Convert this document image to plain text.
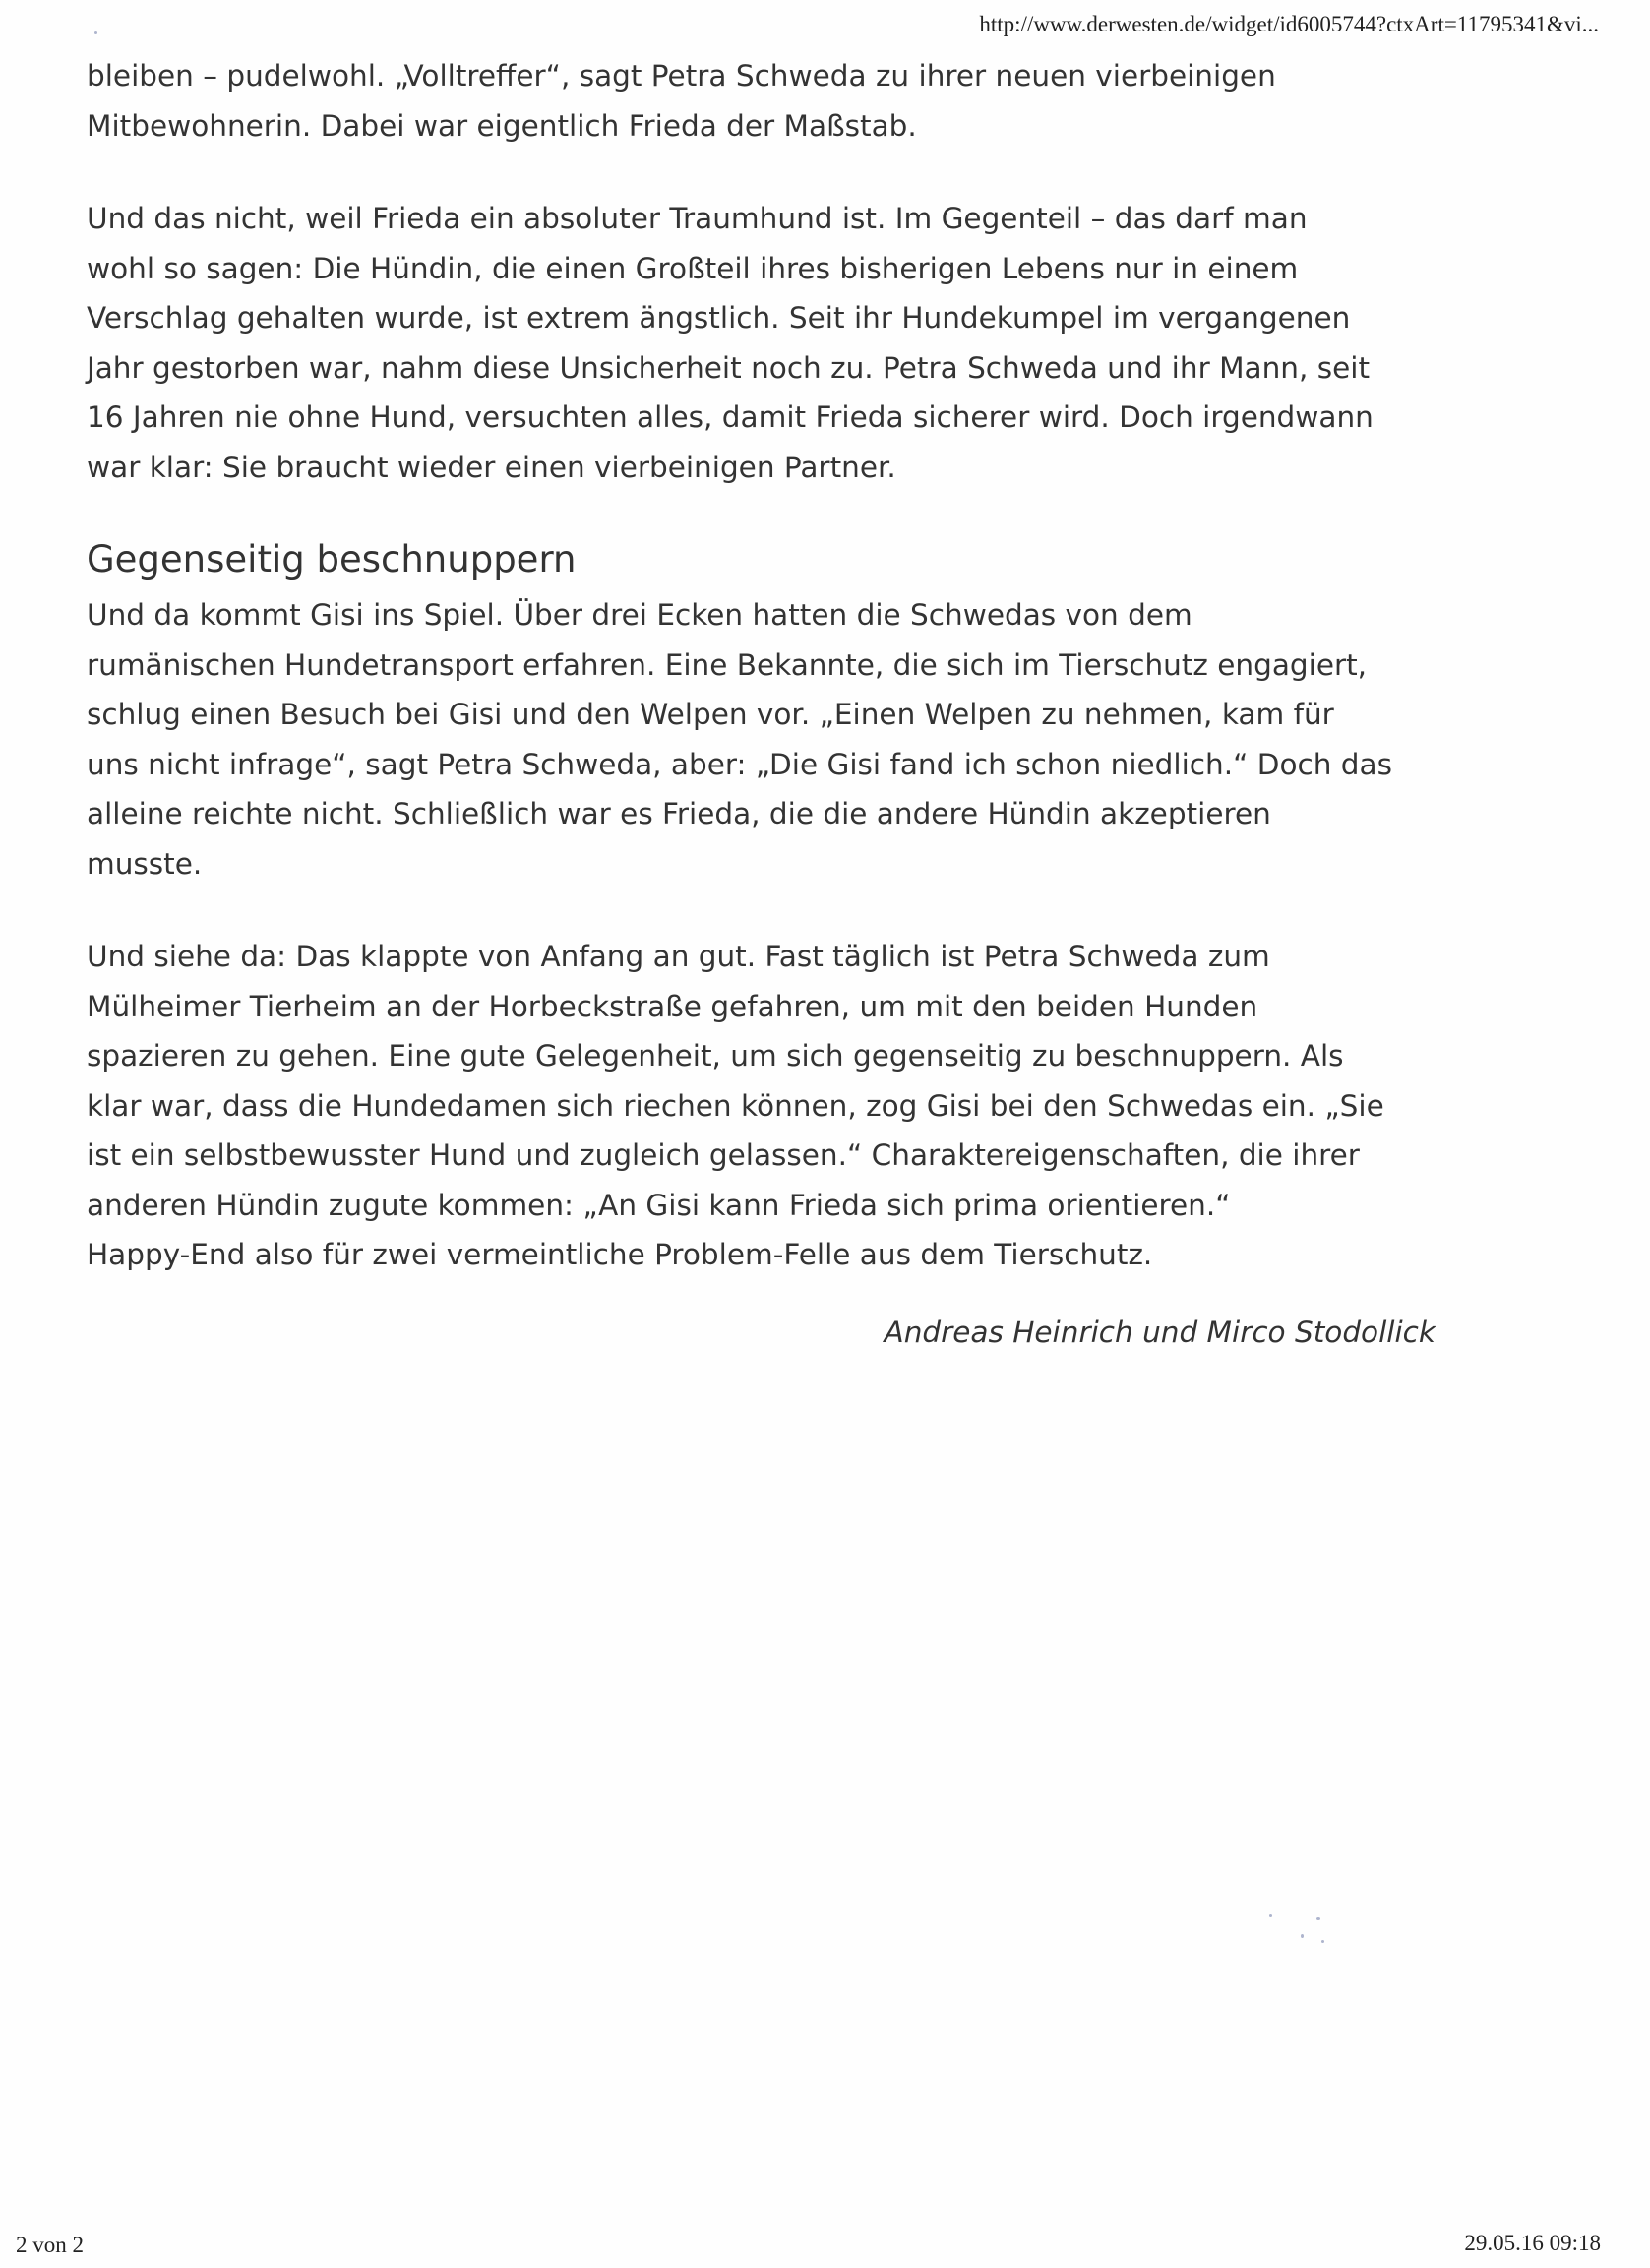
http://www.derwesten.de/widget/id6005744?ctxArt=11795341&vi...

bleiben – pudelwohl. „Volltreffer“, sagt Petra Schweda zu ihrer neuen vierbeinigen
Mitbewohnerin. Dabei war eigentlich Frieda der Maßstab.

Und das nicht, weil Frieda ein absoluter Traumhund ist. Im Gegenteil – das darf man
wohl so sagen: Die Hündin, die einen Großteil ihres bisherigen Lebens nur in einem
Verschlag gehalten wurde, ist extrem ängstlich. Seit ihr Hundekumpel im vergangenen
Jahr gestorben war, nahm diese Unsicherheit noch zu. Petra Schweda und ihr Mann, seit
16 Jahren nie ohne Hund, versuchten alles, damit Frieda sicherer wird. Doch irgendwann
war klar: Sie braucht wieder einen vierbeinigen Partner.

Gegenseitig beschnuppern

Und da kommt Gisi ins Spiel. Über drei Ecken hatten die Schwedas von dem
rumänischen Hundetransport erfahren. Eine Bekannte, die sich im Tierschutz engagiert,
schlug einen Besuch bei Gisi und den Welpen vor. „Einen Welpen zu nehmen, kam für
uns nicht infrage“, sagt Petra Schweda, aber: „Die Gisi fand ich schon niedlich.“ Doch das
alleine reichte nicht. Schließlich war es Frieda, die die andere Hündin akzeptieren
musste.

Und siehe da: Das klappte von Anfang an gut. Fast täglich ist Petra Schweda zum
Mülheimer Tierheim an der Horbeckstraße gefahren, um mit den beiden Hunden
spazieren zu gehen. Eine gute Gelegenheit, um sich gegenseitig zu beschnuppern. Als
klar war, dass die Hundedamen sich riechen können, zog Gisi bei den Schwedas ein. „Sie
ist ein selbstbewusster Hund und zugleich gelassen.“ Charaktereigenschaften, die ihrer
anderen Hündin zugute kommen: „An Gisi kann Frieda sich prima orientieren.“
Happy-End also für zwei vermeintliche Problem-Felle aus dem Tierschutz.

Andreas Heinrich und Mirco Stodollick
2 von 2	29.05.16 09:18
